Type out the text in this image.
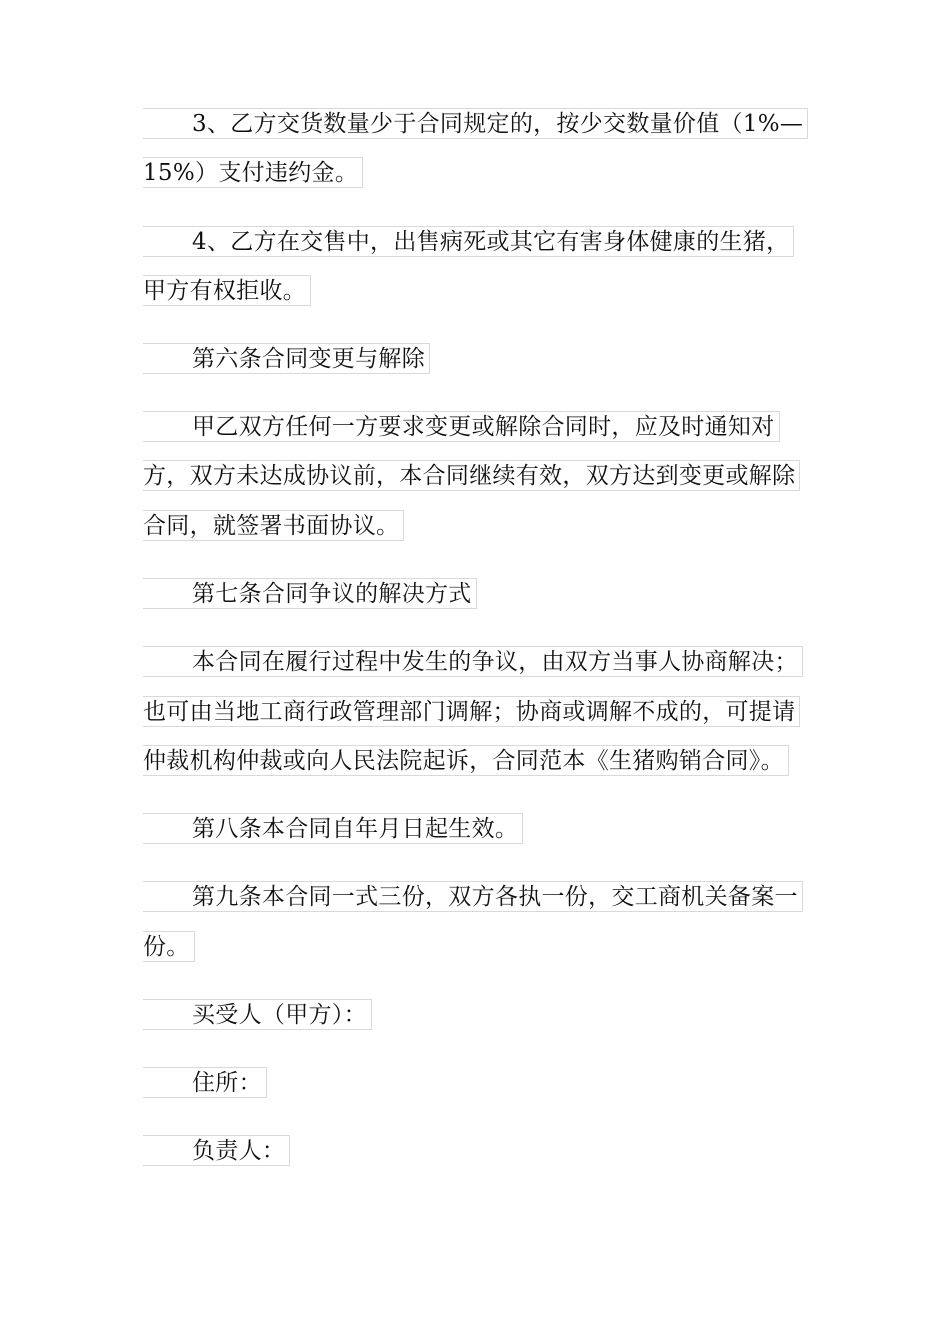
3、乙方交货数量少于合同规定的，按少交数量价值（1%—
15%）支付违约金。
4、乙方在交售中，出售病死或其它有害身体健康的生猪，
甲方有权拒收。
第六条合同变更与解除
甲乙双方任何一方要求变更或解除合同时，应及时通知对
方，双方未达成协议前，本合同继续有效，双方达到变更或解除
合同，就签署书面协议。
第七条合同争议的解决方式
本合同在履行过程中发生的争议，由双方当事人协商解决；
也可由当地工商行政管理部门调解；协商或调解不成的，可提请
仲裁机构仲裁或向人民法院起诉，合同范本《生猪购销合同》。
第八条本合同自年月日起生效。
第九条本合同一式三份，双方各执一份，交工商机关备案一
份。
买受人（甲方）：
住所：
负责人：
